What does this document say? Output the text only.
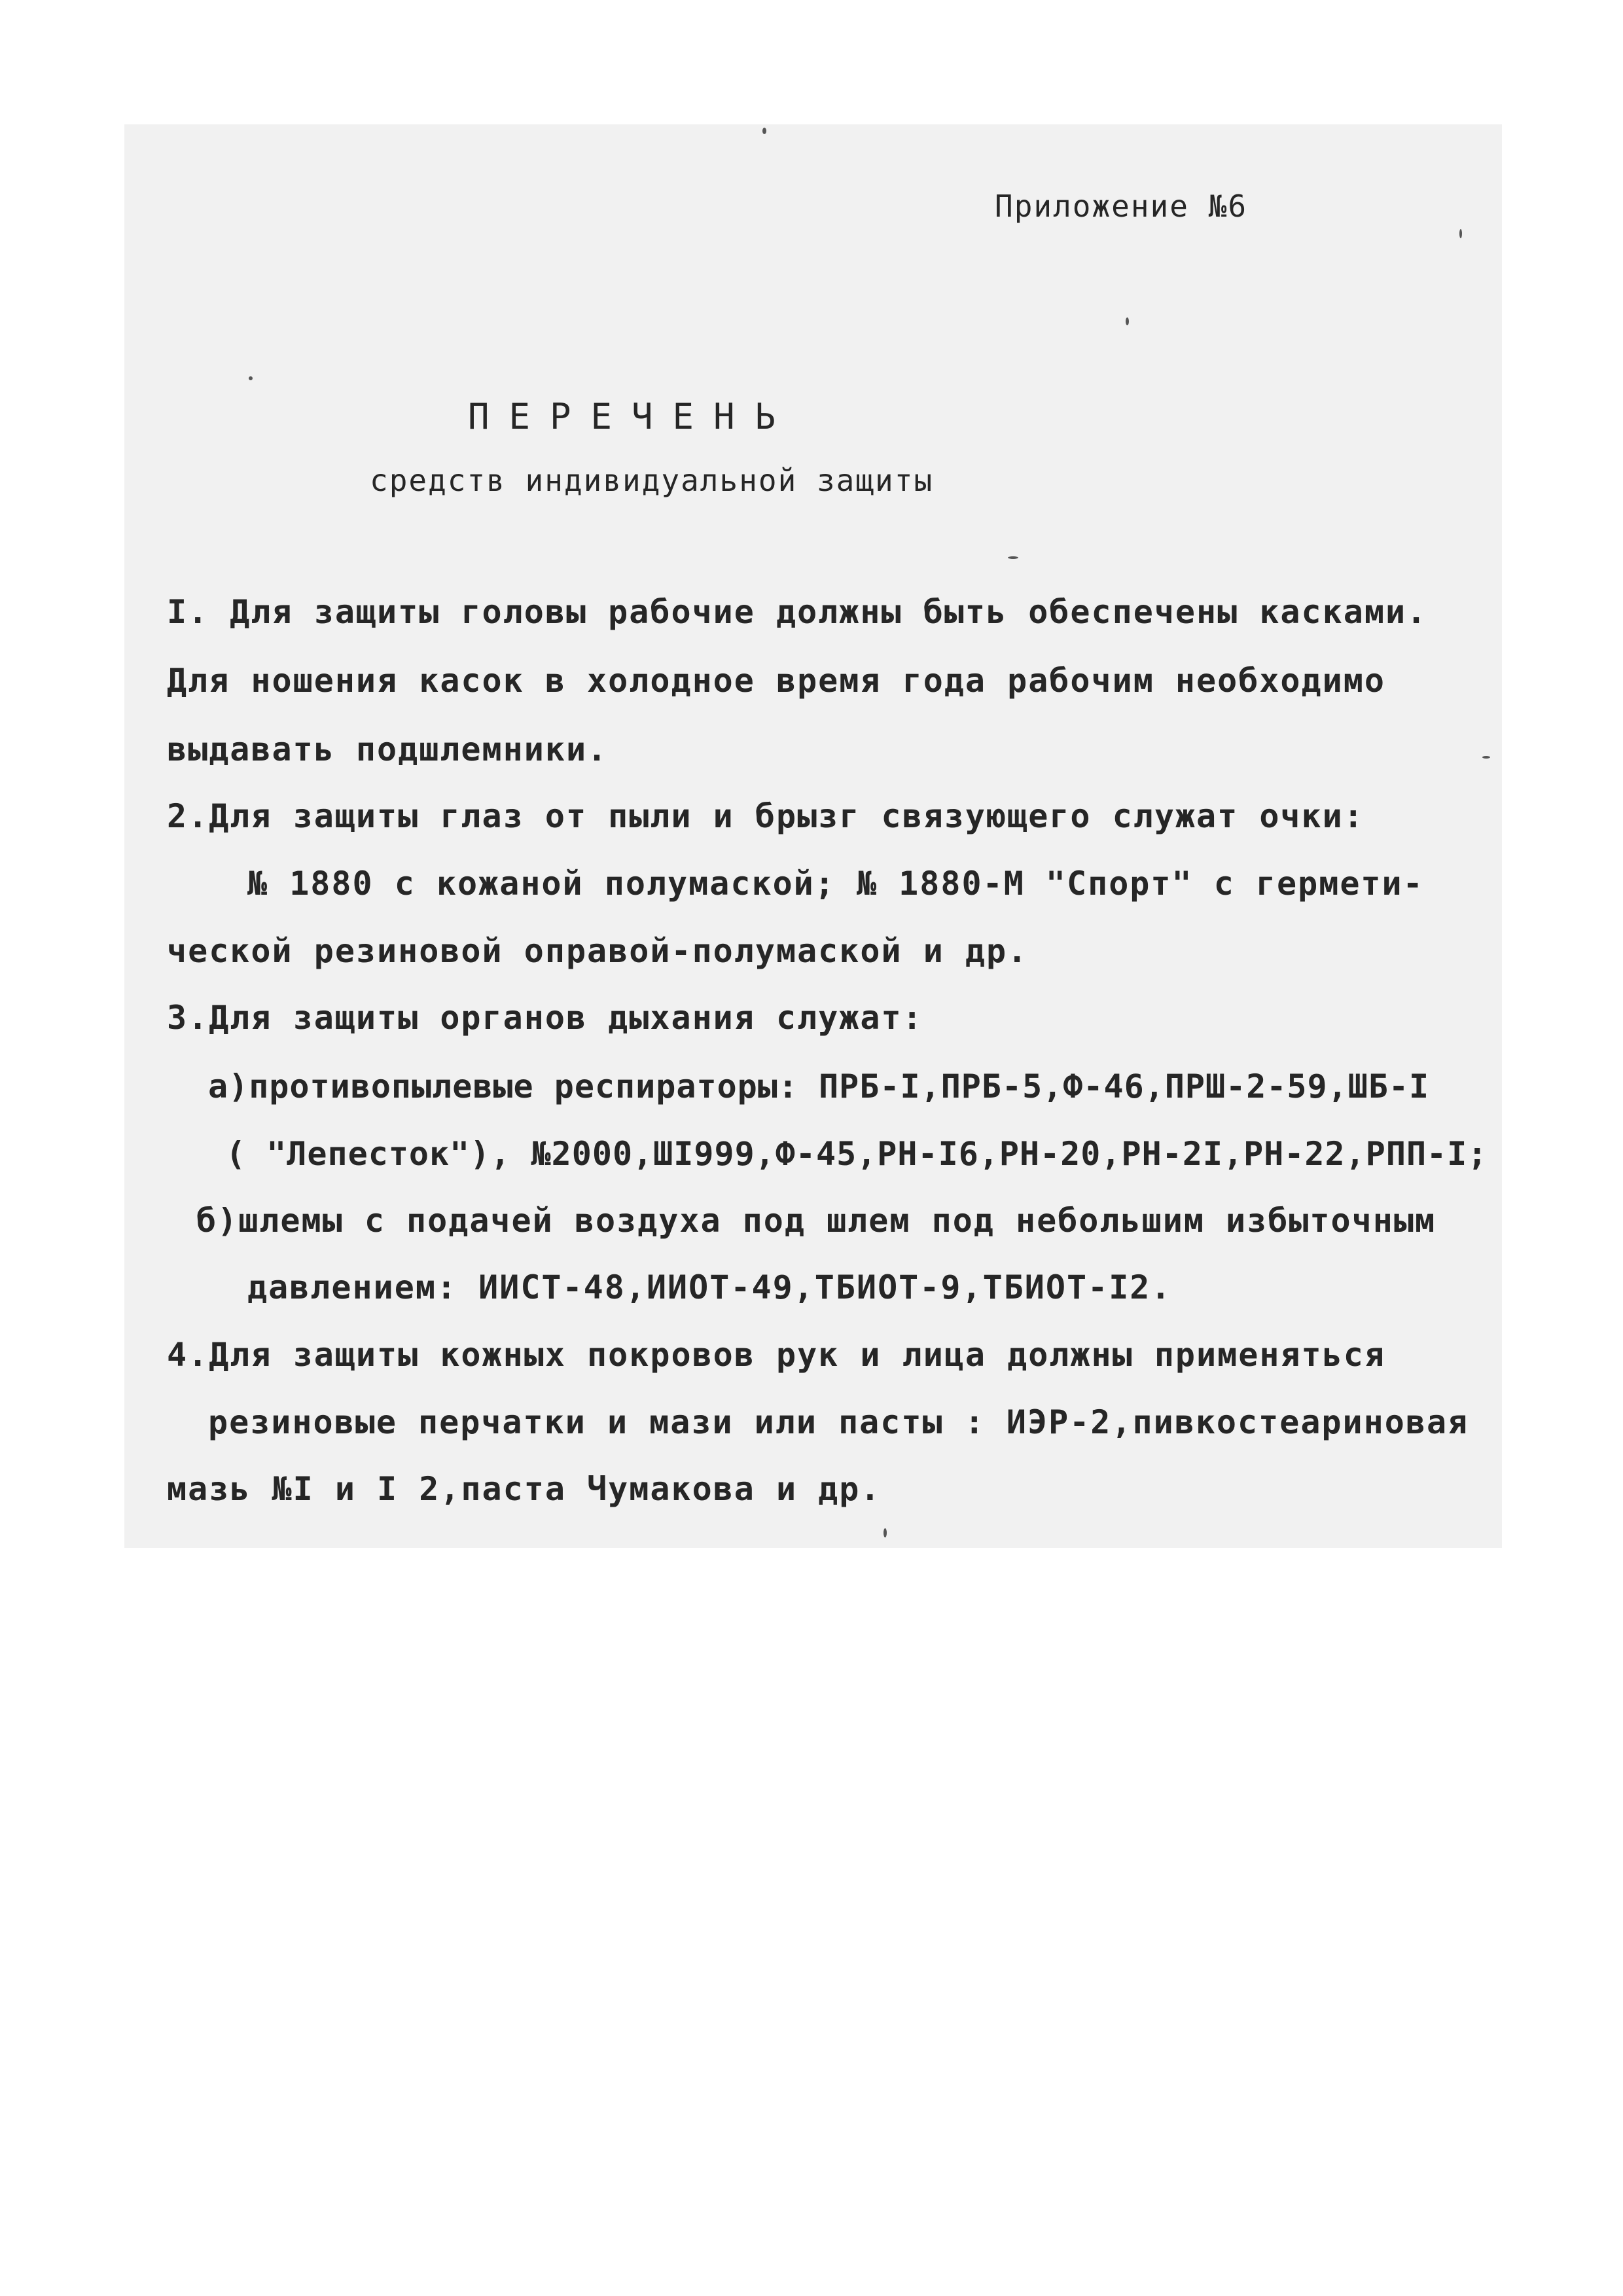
Приложение №6
ПЕРЕЧЕНЬ
средств индивидуальной защиты
I. Для защиты головы рабочие должны быть обеспечены касками.
Для ношения касок в холодное время года рабочим необходимо
выдавать подшлемники.
2.Для защиты глаз от пыли и брызг связующего служат очки:
№ 1880 с кожаной полумаской; № 1880-М "Спорт" с гермети-
ческой резиновой оправой-полумаской и др.
3.Для защиты органов дыхания служат:
а)противопылевые респираторы: ПРБ-I,ПРБ-5,Ф-46,ПРШ-2-59,ШБ-I
( "Лепесток"), №2000,ШI999,Ф-45,РН-I6,РН-20,РН-2I,РН-22,РПП-I;
б)шлемы с подачей воздуха под шлем под небольшим избыточным
давлением: ИИСТ-48,ИИОТ-49,ТБИОТ-9,ТБИОТ-I2.
4.Для защиты кожных покровов рук и лица должны применяться
резиновые перчатки и мази или пасты : ИЭР-2,пивкостеариновая
мазь №I и I 2,паста Чумакова и др.
